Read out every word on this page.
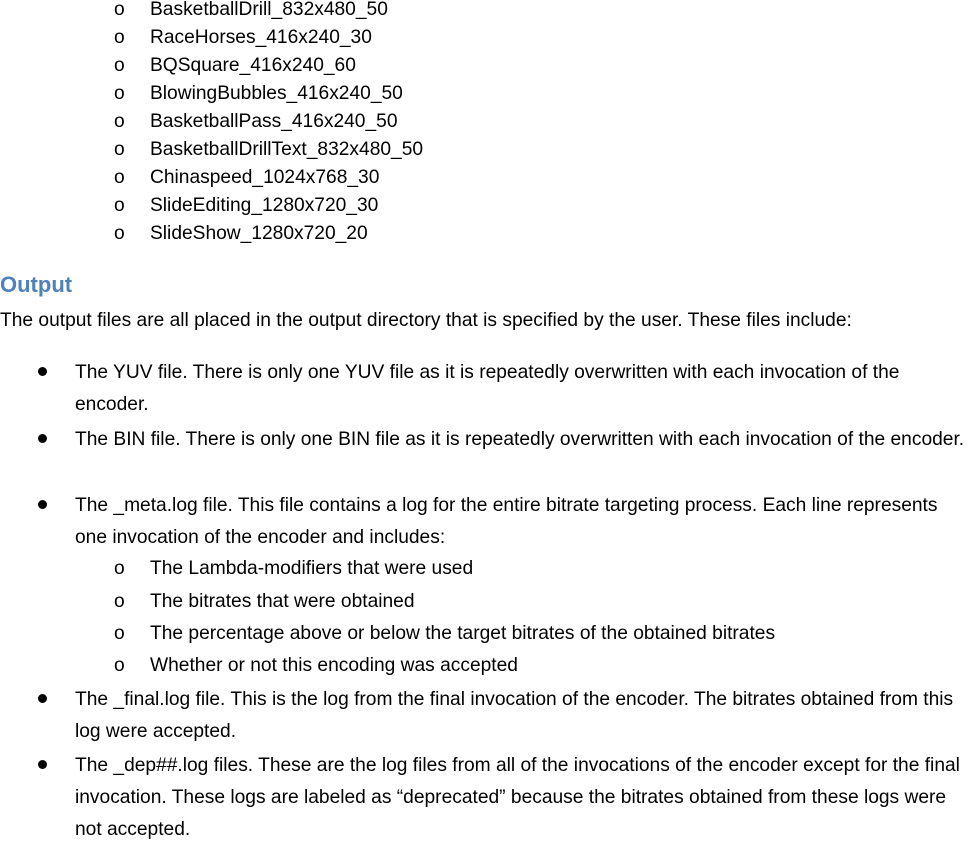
o BasketballDrill_832x480_50
o RaceHorses_416x240_30
o BQSquare_416x240_60
o BlowingBubbles_416x240_50
o BasketballPass_416x240_50
o BasketballDrillText_832x480_50
o Chinaspeed_1024x768_30
o SlideEditing_1280x720_30
o SlideShow_1280x720_20
Output
The output files are all placed in the output directory that is specified by the user. These files include:
The YUV file. There is only one YUV file as it is repeatedly overwritten with each invocation of the encoder.
The BIN file. There is only one BIN file as it is repeatedly overwritten with each invocation of the encoder.
The _meta.log file. This file contains a log for the entire bitrate targeting process. Each line represents one invocation of the encoder and includes:
o The Lambda-modifiers that were used
o The bitrates that were obtained
o The percentage above or below the target bitrates of the obtained bitrates
o Whether or not this encoding was accepted
The _final.log file. This is the log from the final invocation of the encoder. The bitrates obtained from this log were accepted.
The _dep##.log files. These are the log files from all of the invocations of the encoder except for the final invocation. These logs are labeled as “deprecated” because the bitrates obtained from these logs were not accepted.
